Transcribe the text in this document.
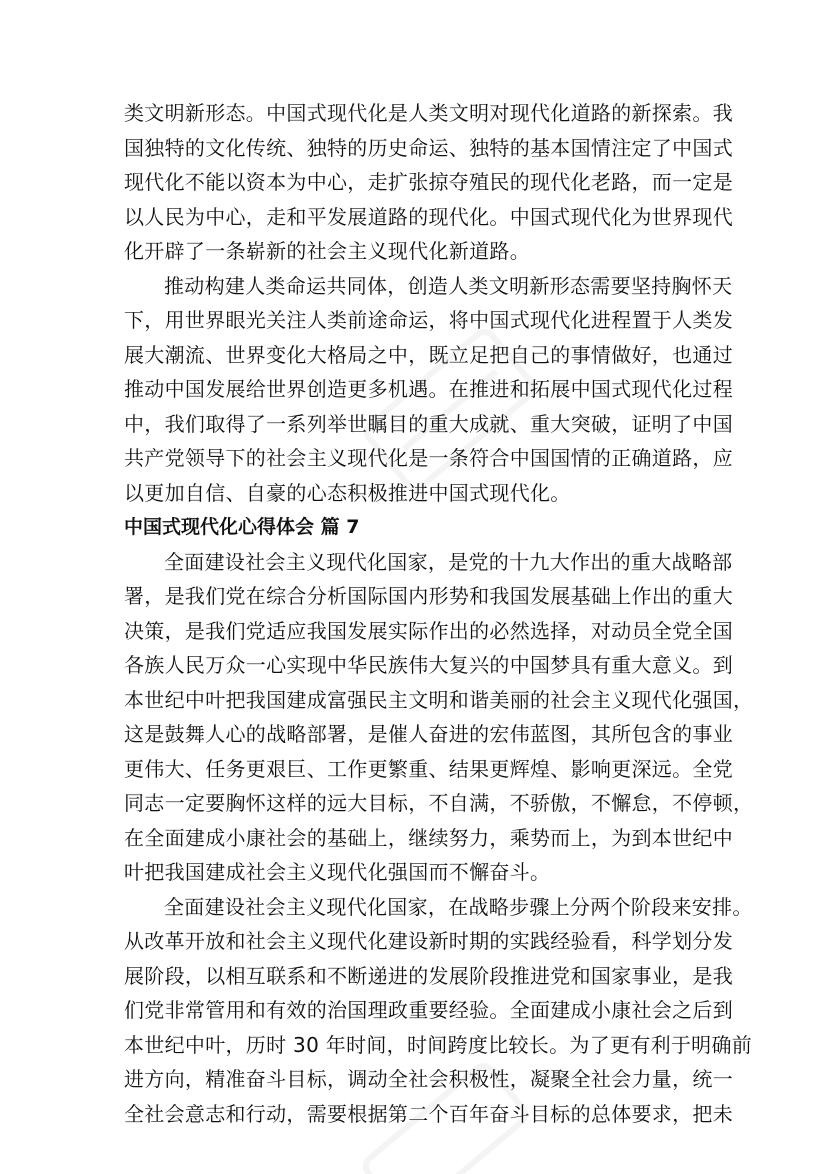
类文明新形态。中国式现代化是人类文明对现代化道路的新探索。我
国独特的文化传统、独特的历史命运、独特的基本国情注定了中国式
现代化不能以资本为中心，走扩张掠夺殖民的现代化老路，而一定是
以人民为中心，走和平发展道路的现代化。中国式现代化为世界现代
化开辟了一条崭新的社会主义现代化新道路。

推动构建人类命运共同体，创造人类文明新形态需要坚持胸怀天
下，用世界眼光关注人类前途命运，将中国式现代化进程置于人类发
展大潮流、世界变化大格局之中，既立足把自己的事情做好，也通过
推动中国发展给世界创造更多机遇。在推进和拓展中国式现代化过程
中，我们取得了一系列举世瞩目的重大成就、重大突破，证明了中国
共产党领导下的社会主义现代化是一条符合中国国情的正确道路，应
以更加自信、自豪的心态积极推进中国式现代化。

中国式现代化心得体会 篇 7

全面建设社会主义现代化国家，是党的十九大作出的重大战略部
署，是我们党在综合分析国际国内形势和我国发展基础上作出的重大
决策，是我们党适应我国发展实际作出的必然选择，对动员全党全国
各族人民万众一心实现中华民族伟大复兴的中国梦具有重大意义。到
本世纪中叶把我国建成富强民主文明和谐美丽的社会主义现代化强国，
这是鼓舞人心的战略部署，是催人奋进的宏伟蓝图，其所包含的事业
更伟大、任务更艰巨、工作更繁重、结果更辉煌、影响更深远。全党
同志一定要胸怀这样的远大目标，不自满，不骄傲，不懈怠，不停顿，
在全面建成小康社会的基础上，继续努力，乘势而上，为到本世纪中
叶把我国建成社会主义现代化强国而不懈奋斗。

全面建设社会主义现代化国家，在战略步骤上分两个阶段来安排。
从改革开放和社会主义现代化建设新时期的实践经验看，科学划分发
展阶段，以相互联系和不断递进的发展阶段推进党和国家事业，是我
们党非常管用和有效的治国理政重要经验。全面建成小康社会之后到
本世纪中叶，历时 30 年时间，时间跨度比较长。为了更有利于明确前
进方向，精准奋斗目标，调动全社会积极性，凝聚全社会力量，统一
全社会意志和行动，需要根据第二个百年奋斗目标的总体要求，把未
